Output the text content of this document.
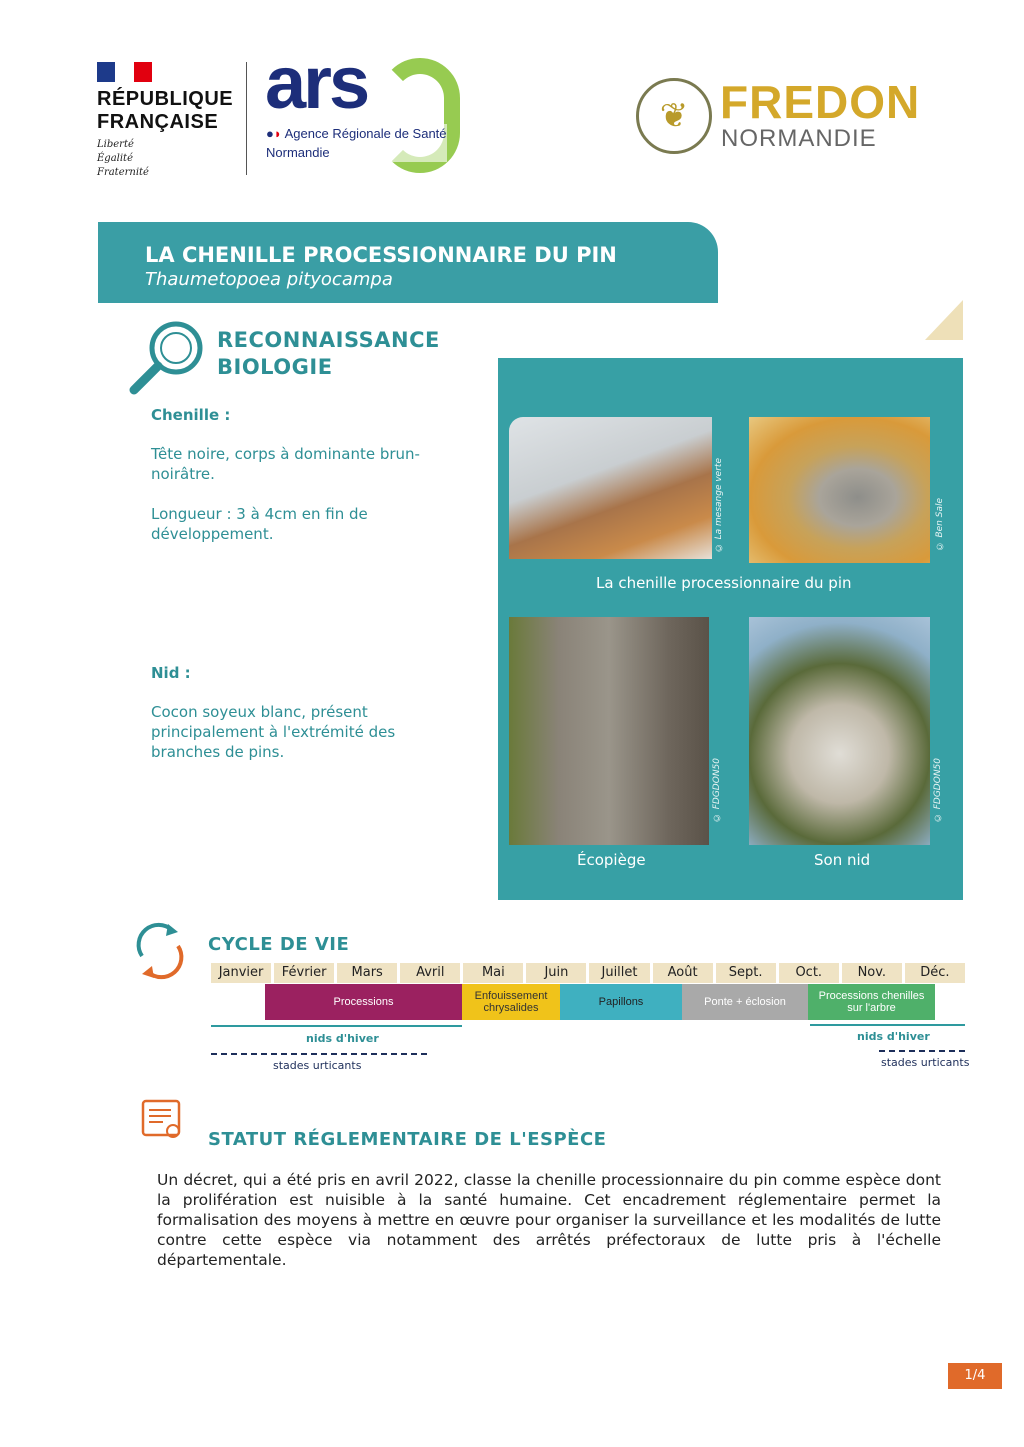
RÉPUBLIQUE
FRANÇAISE
Liberté
Égalité
Fraternité
ars
●◗ Agence Régionale de Santé
Normandie
❦ FREDON
NORMANDIE
LA CHENILLE PROCESSIONNAIRE DU PIN

Thaumetopoea pityocampa

RECONNAISSANCE
BIOLOGIE
Chenille :
Tête noire, corps à dominante brun-noirâtre.
Longueur : 3 à 4cm en fin de développement.
Nid :
Cocon soyeux blanc, présent principalement à l'extrémité des branches de pins.
© La mesange verte	© Ben Sale
La chenille processionnaire du pin
© FDGDON50	© FDGDON50
Écopiège	Son nid
CYCLE DE VIE
Janvier	Février	Mars	Avril	Mai	Juin	Juillet	Août	Sept.	Oct.	Nov.	Déc.
Processions	Enfouissement chrysalides	Papillons	Ponte + éclosion	Processions chenilles sur l'arbre
nids d'hiver	nids d'hiver
stades urticants	stades urticants
STATUT RÉGLEMENTAIRE DE L'ESPÈCE
Un décret, qui a été pris en avril 2022, classe la chenille processionnaire du pin comme espèce dont la prolifération est nuisible à la santé humaine. Cet encadrement réglementaire permet la formalisation des moyens à mettre en œuvre pour organiser la surveillance et les modalités de lutte contre cette espèce via notamment des arrêtés préfectoraux de lutte pris à l'échelle départementale.
1/4
